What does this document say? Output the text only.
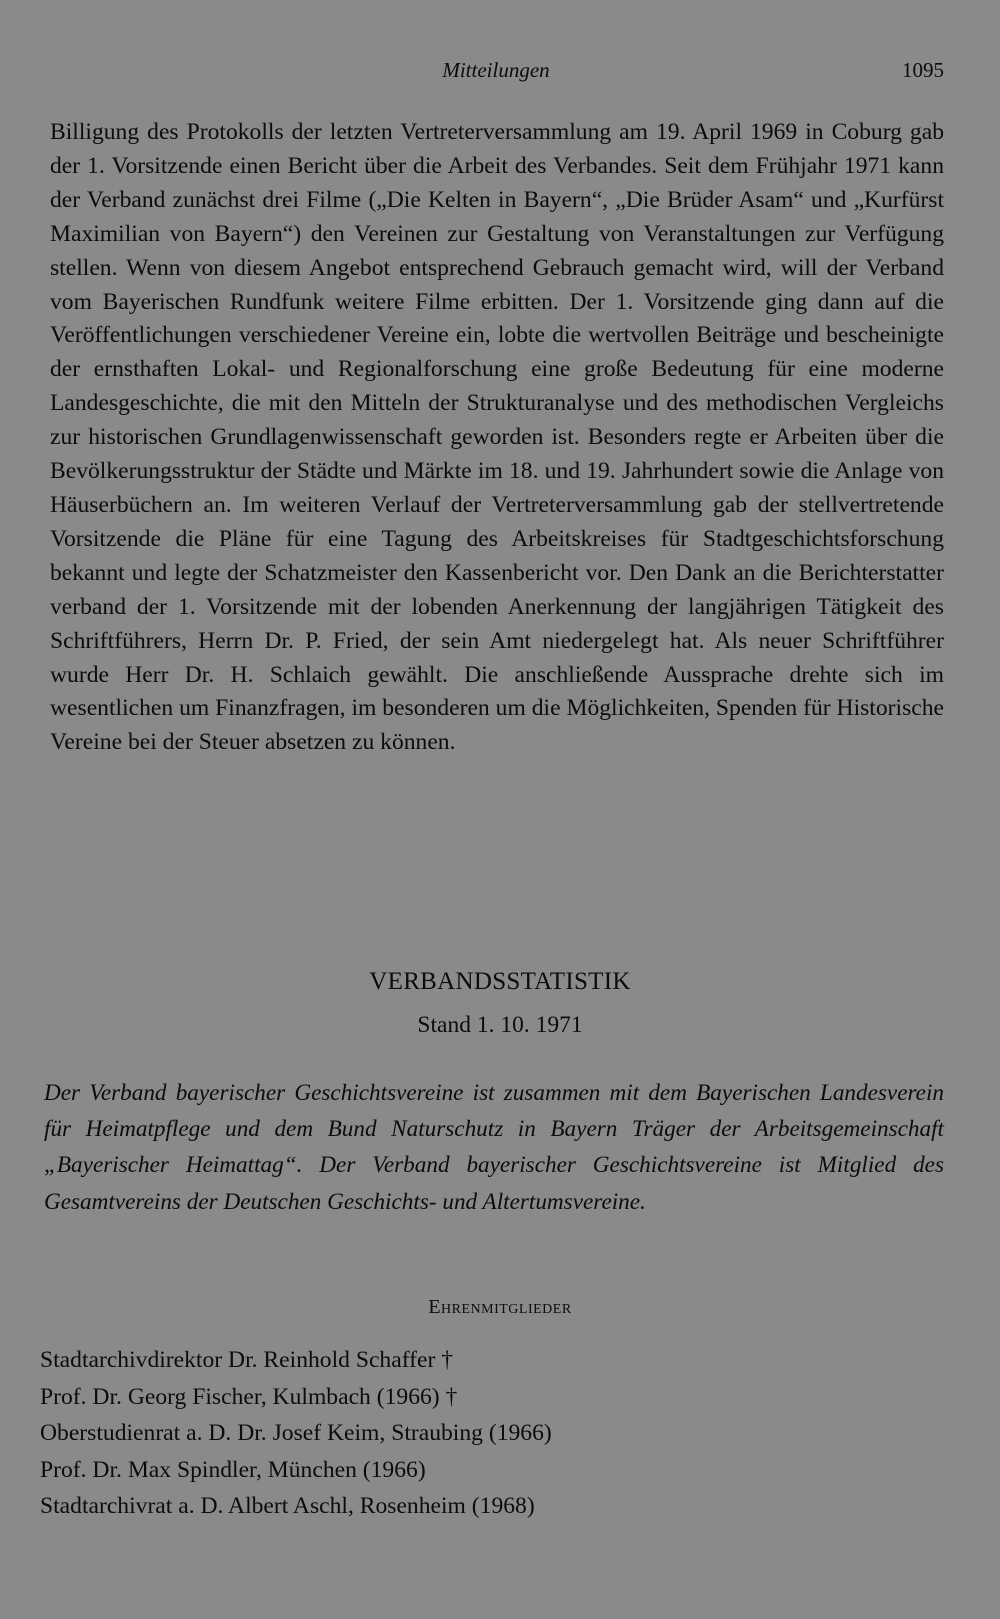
Mitteilungen	1095

Billigung des Protokolls der letzten Vertreterversammlung am 19. April 1969 in Coburg gab der 1. Vorsitzende einen Bericht über die Arbeit des Verbandes. Seit dem Frühjahr 1971 kann der Verband zunächst drei Filme („Die Kelten in Bayern“, „Die Brüder Asam“ und „Kurfürst Maximilian von Bayern“) den Vereinen zur Gestaltung von Veranstaltungen zur Verfügung stellen. Wenn von diesem Angebot entsprechend Gebrauch gemacht wird, will der Verband vom Bayerischen Rundfunk weitere Filme erbitten. Der 1. Vorsitzende ging dann auf die Veröffentlichungen verschiedener Vereine ein, lobte die wertvollen Beiträge und bescheinigte der ernsthaften Lokal- und Regionalforschung eine große Bedeutung für eine moderne Landesgeschichte, die mit den Mitteln der Strukturanalyse und des methodischen Vergleichs zur historischen Grundlagenwissenschaft geworden ist. Besonders regte er Arbeiten über die Bevölkerungsstruktur der Städte und Märkte im 18. und 19. Jahrhundert sowie die Anlage von Häuserbüchern an. Im weiteren Verlauf der Vertreterversammlung gab der stellvertretende Vorsitzende die Pläne für eine Tagung des Arbeitskreises für Stadtgeschichtsforschung bekannt und legte der Schatzmeister den Kassenbericht vor. Den Dank an die Berichterstatter verband der 1. Vorsitzende mit der lobenden Anerkennung der langjährigen Tätigkeit des Schriftführers, Herrn Dr. P. Fried, der sein Amt niedergelegt hat. Als neuer Schriftführer wurde Herr Dr. H. Schlaich gewählt. Die anschließende Aussprache drehte sich im wesentlichen um Finanzfragen, im besonderen um die Möglichkeiten, Spenden für Historische Vereine bei der Steuer absetzen zu können.

VERBANDSSTATISTIK
Stand 1. 10. 1971

Der Verband bayerischer Geschichtsvereine ist zusammen mit dem Bayerischen Landesverein für Heimatpflege und dem Bund Naturschutz in Bayern Träger der Arbeitsgemeinschaft „Bayerischer Heimattag“. Der Verband bayerischer Geschichtsvereine ist Mitglied des Gesamtvereins der Deutschen Geschichts- und Altertumsvereine.

Ehrenmitglieder
Stadtarchivdirektor Dr. Reinhold Schaffer †
Prof. Dr. Georg Fischer, Kulmbach (1966) †
Oberstudienrat a. D. Dr. Josef Keim, Straubing (1966)
Prof. Dr. Max Spindler, München (1966)
Stadtarchivrat a. D. Albert Aschl, Rosenheim (1968)
